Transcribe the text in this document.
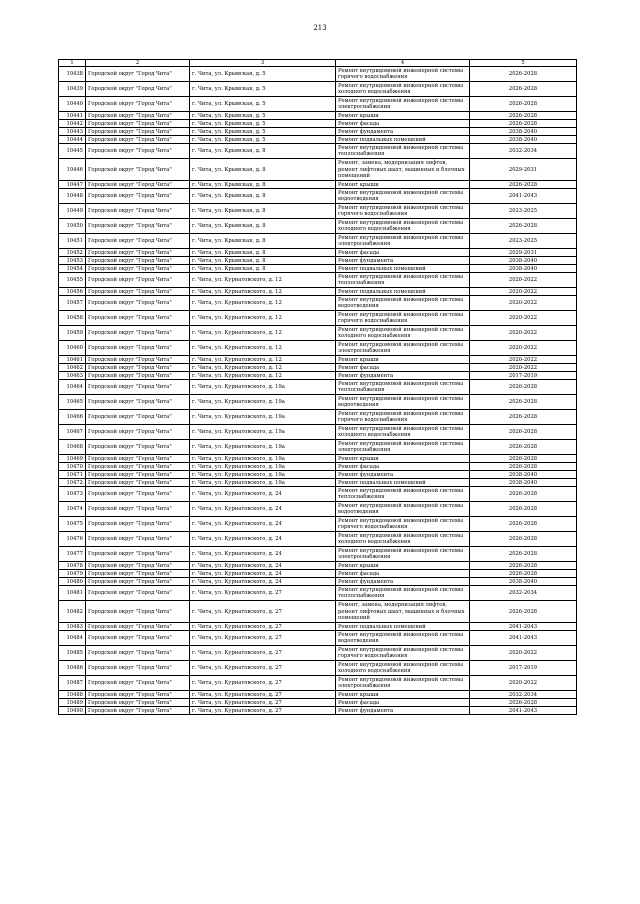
213
1	2	3	4	5
10438	Городской округ "Город Чита"	г. Чита, ул. Крымская, д. 5	Ремонт внутридомовой инженерной системы горячего водоснабжения	2026-2028
10439	Городской округ "Город Чита"	г. Чита, ул. Крымская, д. 5	Ремонт внутридомовой инженерной системы холодного водоснабжения	2026-2028
10440	Городской округ "Город Чита"	г. Чита, ул. Крымская, д. 5	Ремонт внутридомовой инженерной системы электроснабжения	2026-2028
10441	Городской округ "Город Чита"	г. Чита, ул. Крымская, д. 5	Ремонт крыши	2026-2028
10442	Городской округ "Город Чита"	г. Чита, ул. Крымская, д. 5	Ремонт фасада	2026-2028
10443	Городской округ "Город Чита"	г. Чита, ул. Крымская, д. 5	Ремонт фундамента	2038-2040
10444	Городской округ "Город Чита"	г. Чита, ул. Крымская, д. 5	Ремонт подвальных помещений	2038-2040
10445	Городской округ "Город Чита"	г. Чита, ул. Крымская, д. 8	Ремонт внутридомовой инженерной системы теплоснабжения	2032-2034
10446	Городской округ "Город Чита"	г. Чита, ул. Крымская, д. 8	Ремонт, замена, модернизация лифтов, ремонт лифтовых шахт, машинных и блочных помещений	2029-2031
10447	Городской округ "Город Чита"	г. Чита, ул. Крымская, д. 8	Ремонт крыши	2026-2028
10448	Городской округ "Город Чита"	г. Чита, ул. Крымская, д. 8	Ремонт внутридомовой инженерной системы водоотведения	2041-2043
10449	Городской округ "Город Чита"	г. Чита, ул. Крымская, д. 8	Ремонт внутридомовой инженерной системы горячего водоснабжения	2023-2025
10450	Городской округ "Город Чита"	г. Чита, ул. Крымская, д. 8	Ремонт внутридомовой инженерной системы холодного водоснабжения	2026-2028
10451	Городской округ "Город Чита"	г. Чита, ул. Крымская, д. 8	Ремонт внутридомовой инженерной системы электроснабжения	2023-2025
10452	Городской округ "Город Чита"	г. Чита, ул. Крымская, д. 8	Ремонт фасада	2029-2031
10453	Городской округ "Город Чита"	г. Чита, ул. Крымская, д. 8	Ремонт фундамента	2038-2040
10454	Городской округ "Город Чита"	г. Чита, ул. Крымская, д. 8	Ремонт подвальных помещений	2038-2040
10455	Городской округ "Город Чита"	г. Чита, ул. Курнатовского, д. 12	Ремонт внутридомовой инженерной системы теплоснабжения	2020-2022
10456	Городской округ "Город Чита"	г. Чита, ул. Курнатовского, д. 12	Ремонт подвальных помещений	2020-2022
10457	Городской округ "Город Чита"	г. Чита, ул. Курнатовского, д. 12	Ремонт внутридомовой инженерной системы водоотведения	2020-2022
10458	Городской округ "Город Чита"	г. Чита, ул. Курнатовского, д. 12	Ремонт внутридомовой инженерной системы горячего водоснабжения	2020-2022
10459	Городской округ "Город Чита"	г. Чита, ул. Курнатовского, д. 12	Ремонт внутридомовой инженерной системы холодного водоснабжения	2020-2022
10460	Городской округ "Город Чита"	г. Чита, ул. Курнатовского, д. 12	Ремонт внутридомовой инженерной системы электроснабжения	2020-2022
10461	Городской округ "Город Чита"	г. Чита, ул. Курнатовского, д. 12	Ремонт крыши	2020-2022
10462	Городской округ "Город Чита"	г. Чита, ул. Курнатовского, д. 12	Ремонт фасада	2020-2022
10463	Городской округ "Город Чита"	г. Чита, ул. Курнатовского, д. 12	Ремонт фундамента	2017-2019
10464	Городской округ "Город Чита"	г. Чита, ул. Курнатовского, д. 19а	Ремонт внутридомовой инженерной системы теплоснабжения	2026-2028
10465	Городской округ "Город Чита"	г. Чита, ул. Курнатовского, д. 19а	Ремонт внутридомовой инженерной системы водоотведения	2026-2028
10466	Городской округ "Город Чита"	г. Чита, ул. Курнатовского, д. 19а	Ремонт внутридомовой инженерной системы горячего водоснабжения	2026-2028
10467	Городской округ "Город Чита"	г. Чита, ул. Курнатовского, д. 19а	Ремонт внутридомовой инженерной системы холодного водоснабжения	2026-2028
10468	Городской округ "Город Чита"	г. Чита, ул. Курнатовского, д. 19а	Ремонт внутридомовой инженерной системы электроснабжения	2026-2028
10469	Городской округ "Город Чита"	г. Чита, ул. Курнатовского, д. 19а	Ремонт крыши	2026-2028
10470	Городской округ "Город Чита"	г. Чита, ул. Курнатовского, д. 19а	Ремонт фасада	2026-2028
10471	Городской округ "Город Чита"	г. Чита, ул. Курнатовского, д. 19а	Ремонт фундамента	2038-2040
10472	Городской округ "Город Чита"	г. Чита, ул. Курнатовского, д. 19а	Ремонт подвальных помещений	2038-2040
10473	Городской округ "Город Чита"	г. Чита, ул. Курнатовского, д. 24	Ремонт внутридомовой инженерной системы теплоснабжения	2026-2028
10474	Городской округ "Город Чита"	г. Чита, ул. Курнатовского, д. 24	Ремонт внутридомовой инженерной системы водоотведения	2026-2028
10475	Городской округ "Город Чита"	г. Чита, ул. Курнатовского, д. 24	Ремонт внутридомовой инженерной системы горячего водоснабжения	2026-2028
10476	Городской округ "Город Чита"	г. Чита, ул. Курнатовского, д. 24	Ремонт внутридомовой инженерной системы холодного водоснабжения	2026-2028
10477	Городской округ "Город Чита"	г. Чита, ул. Курнатовского, д. 24	Ремонт внутридомовой инженерной системы электроснабжения	2026-2028
10478	Городской округ "Город Чита"	г. Чита, ул. Курнатовского, д. 24	Ремонт крыши	2026-2028
10479	Городской округ "Город Чита"	г. Чита, ул. Курнатовского, д. 24	Ремонт фасада	2026-2028
10480	Городской округ "Город Чита"	г. Чита, ул. Курнатовского, д. 24	Ремонт фундамента	2038-2040
10481	Городской округ "Город Чита"	г. Чита, ул. Курнатовского, д. 27	Ремонт внутридомовой инженерной системы теплоснабжения	2032-2034
10482	Городской округ "Город Чита"	г. Чита, ул. Курнатовского, д. 27	Ремонт, замена, модернизация лифтов, ремонт лифтовых шахт, машинных и блочных помещений	2026-2028
10483	Городской округ "Город Чита"	г. Чита, ул. Курнатовского, д. 27	Ремонт подвальных помещений	2041-2043
10484	Городской округ "Город Чита"	г. Чита, ул. Курнатовского, д. 27	Ремонт внутридомовой инженерной системы водоотведения	2041-2043
10485	Городской округ "Город Чита"	г. Чита, ул. Курнатовского, д. 27	Ремонт внутридомовой инженерной системы горячего водоснабжения	2020-2022
10486	Городской округ "Город Чита"	г. Чита, ул. Курнатовского, д. 27	Ремонт внутридомовой инженерной системы холодного водоснабжения	2017-2019
10487	Городской округ "Город Чита"	г. Чита, ул. Курнатовского, д. 27	Ремонт внутридомовой инженерной системы электроснабжения	2020-2022
10488	Городской округ "Город Чита"	г. Чита, ул. Курнатовского, д. 27	Ремонт крыши	2032-2034
10489	Городской округ "Город Чита"	г. Чита, ул. Курнатовского, д. 27	Ремонт фасада	2026-2028
10490	Городской округ "Город Чита"	г. Чита, ул. Курнатовского, д. 27	Ремонт фундамента	2041-2043
